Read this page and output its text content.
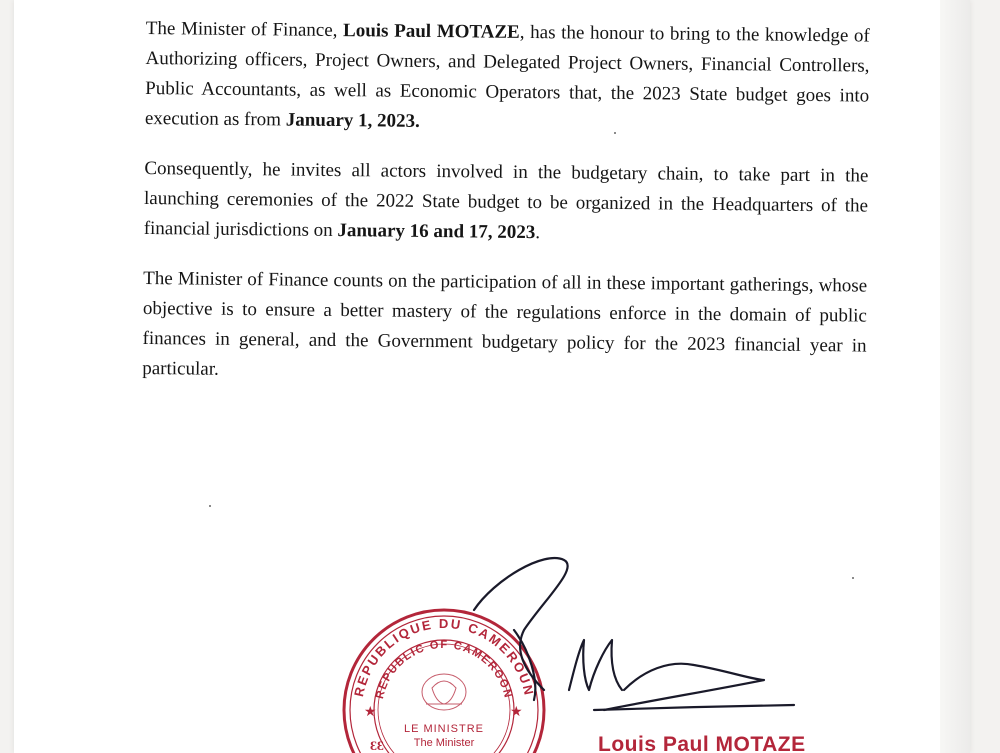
The Minister of Finance, Louis Paul MOTAZE, has the honour to bring to the knowledge of Authorizing officers, Project Owners, and Delegated Project Owners, Financial Controllers, Public Accountants, as well as Economic Operators that, the 2023 State budget goes into execution as from January 1, 2023.

Consequently, he invites all actors involved in the budgetary chain, to take part in the launching ceremonies of the 2022 State budget to be organized in the Headquarters of the financial jurisdictions on January 16 and 17, 2023.

The Minister of Finance counts on the participation of all in these important gatherings, whose objective is to ensure a better mastery of the regulations enforce in the domain of public finances in general, and the Government budgetary policy for the 2023 financial year in particular.

REPUBLIQUE DU CAMEROUN
REPUBLIC OF CAMEROON
★	★
LE MINISTRE
The Minister
ƐƐ	Louis Paul MOTAZE
